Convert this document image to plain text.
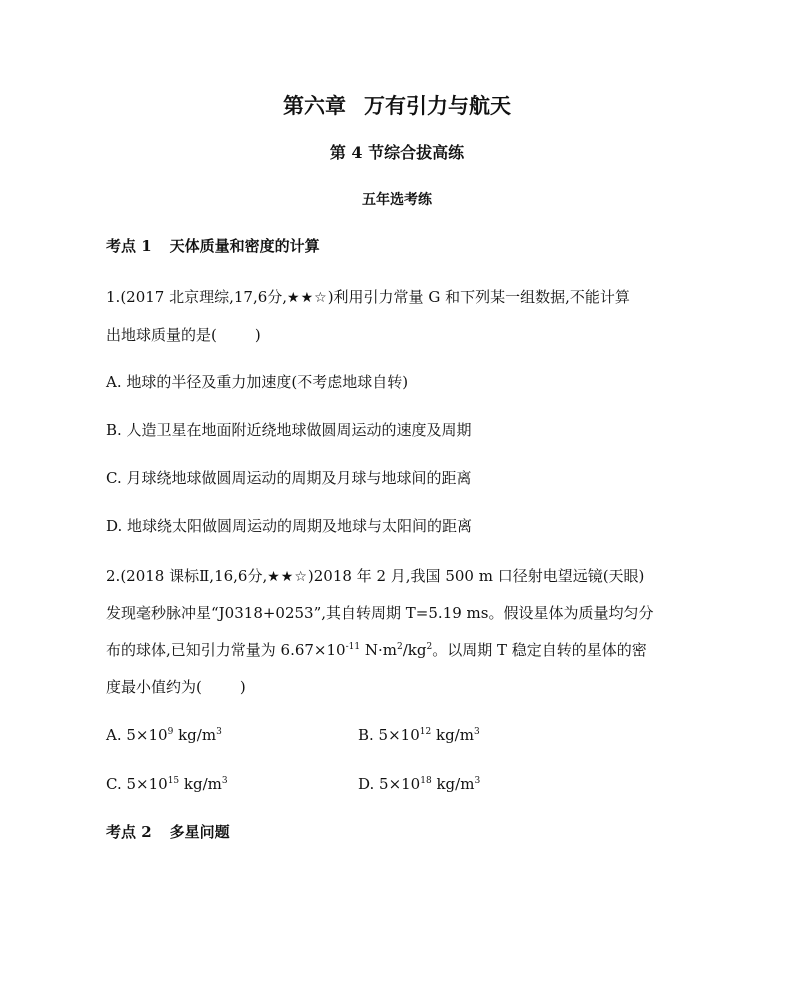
第六章 万有引力与航天
第 4 节综合拔高练
五年选考练
考点 1 天体质量和密度的计算
1.(2017 北京理综,17,6分,★★☆)利用引力常量 G 和下列某一组数据,不能计算
出地球质量的是(	)
A. 地球的半径及重力加速度(不考虑地球自转)
B. 人造卫星在地面附近绕地球做圆周运动的速度及周期
C. 月球绕地球做圆周运动的周期及月球与地球间的距离
D. 地球绕太阳做圆周运动的周期及地球与太阳间的距离
2.(2018 课标Ⅱ,16,6分,★★☆)2018 年 2 月,我国 500 m 口径射电望远镜(天眼)
发现毫秒脉冲星“J0318+0253”,其自转周期 T=5.19 ms。假设星体为质量均匀分
布的球体,已知引力常量为 $6.67\times 10^{-11}$ $N\cdot m^2/kg^2$。以周期 T 稳定自转的星体的密
度最小值约为(	)
A. $5\times 10^9$ $kg/m^3$	B. $5\times 10^{12}$ $kg/m^3$
C. $5\times 10^{15}$ $kg/m^3$	D. $5\times 10^{18}$ $kg/m^3$
考点 2 多星问题
